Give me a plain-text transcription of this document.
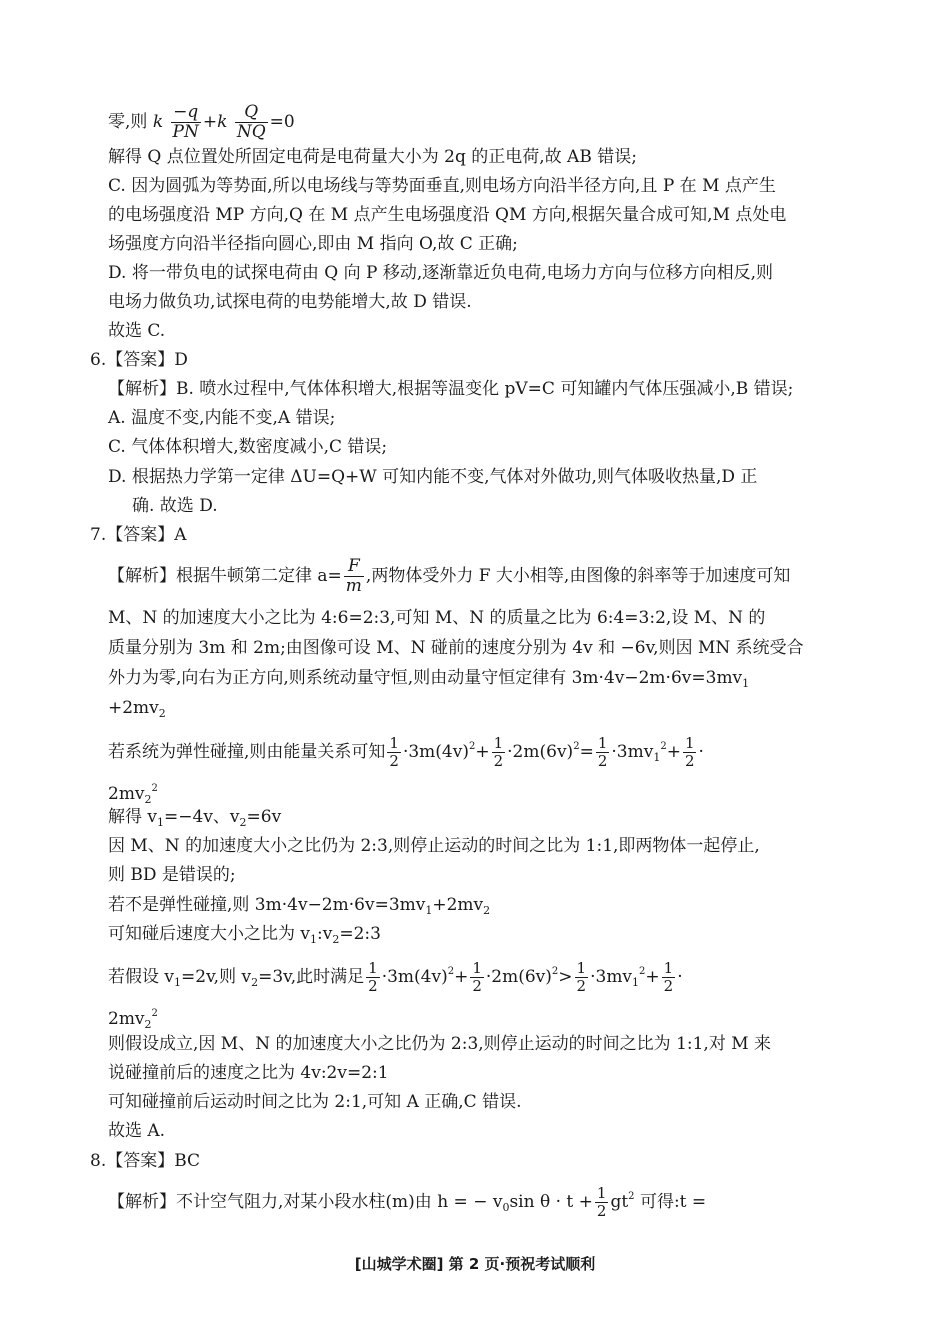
零,则 k $\frac{-q}{PN} +k \frac{Q}{NQ} =0$
解得 Q 点位置处所固定电荷是电荷量大小为 2q 的正电荷,故 AB 错误;
C. 因为圆弧为等势面,所以电场线与等势面垂直,则电场方向沿半径方向,且 P 在 M 点产生
的电场强度沿 MP 方向,Q 在 M 点产生电场强度沿 QM 方向,根据矢量合成可知,M 点处电
场强度方向沿半径指向圆心,即由 M 指向 O,故 C 正确;
D. 将一带负电的试探电荷由 Q 向 P 移动,逐渐靠近负电荷,电场力方向与位移方向相反,则
电场力做负功,试探电荷的电势能增大,故 D 错误.
故选 C.
6.【答案】D
【解析】B. 喷水过程中,气体体积增大,根据等温变化 pV=C 可知罐内气体压强减小,B 错误;
A. 温度不变,内能不变,A 错误;
C. 气体体积增大,数密度减小,C 错误;
D. 根据热力学第一定律 ΔU=Q+W 可知内能不变,气体对外做功,则气体吸收热量,D 正
确. 故选 D.
7.【答案】A
【解析】根据牛顿第二定律 $a= \frac{F}{m}$ ,两物体受外力 F 大小相等,由图像的斜率等于加速度可知
M、N 的加速度大小之比为 4:6=2:3,可知 M、N 的质量之比为 6:4=3:2,设 M、N 的
质量分别为 3m 和 2m;由图像可设 M、N 碰前的速度分别为 4v 和 −6v,则因 MN 系统受合
外力为零,向右为正方向,则系统动量守恒,则由动量守恒定律有 $3m\cdot 4v-2m\cdot 6v=3mv_1$
$+2mv_2$
若系统为弹性碰撞,则由能量关系可知 $\frac{1}{2} \cdot 3m(4v)^2+ \frac{1}{2} \cdot 2m(6v)^2= \frac{1}{2} \cdot 3mv_1^2+ \frac{1}{2}$ ·
$2mv_2^2$
解得 $v_1=-4v$、$v_2=6v$
因 M、N 的加速度大小之比仍为 2:3,则停止运动的时间之比为 1:1,即两物体一起停止,
则 BD 是错误的;
若不是弹性碰撞,则 $3m\cdot 4v-2m\cdot 6v=3mv_1+2mv_2$
可知碰后速度大小之比为 $v_1:v_2=2:3$
若假设 $v_1=2v$,则 $v_2=3v$,此时满足 $\frac{1}{2} \cdot 3m(4v)^2+ \frac{1}{2} \cdot 2m(6v)^2> \frac{1}{2} \cdot 3mv_1^2+ \frac{1}{2}$ ·
$2mv_2^2$
则假设成立,因 M、N 的加速度大小之比仍为 2:3,则停止运动的时间之比为 1:1,对 M 来
说碰撞前后的速度之比为 4v:2v=2:1
可知碰撞前后运动时间之比为 2:1,可知 A 正确,C 错误.
故选 A.
8.【答案】BC
【解析】不计空气阻力,对某小段水柱(m)由 h = − $v_0\sin$ $\theta \cdot t + \frac{1}{2} gt^2$ 可得:t =
[山城学术圈] 第 2 页·预祝考试顺利
